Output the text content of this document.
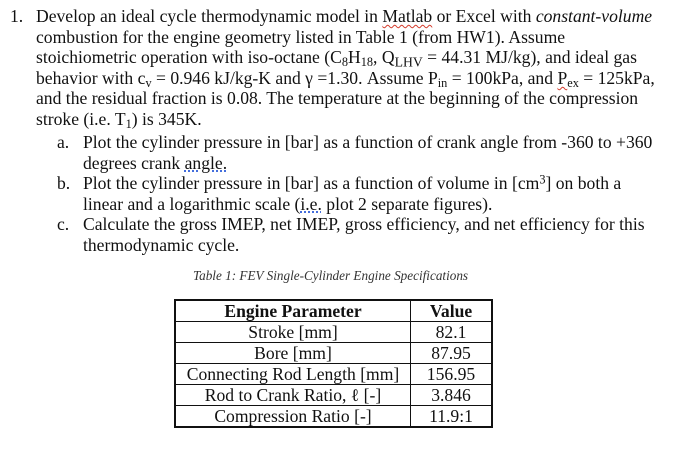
1. Develop an ideal cycle thermodynamic model in Matlab or Excel with constant-volume
combustion for the engine geometry listed in Table 1 (from HW1). Assume
stoichiometric operation with iso-octane ($C_8H_{18}$, $Q_{LHV} = 44.31$ MJ/kg), and ideal gas
behavior with $c_v = 0.946$ kJ/kg-K and γ =1.30. Assume $P_{in} = 100kPa$, and $P_{ex} = 125kPa$,
and the residual fraction is 0.08. The temperature at the beginning of the compression
stroke (i.e. $T_1$) is 345K.
a. Plot the cylinder pressure in [bar] as a function of crank angle from -360 to +360
degrees crank angle.
b. Plot the cylinder pressure in [bar] as a function of volume in $[cm^3]$ on both a
linear and a logarithmic scale (i.e. plot 2 separate figures).
c. Calculate the gross IMEP, net IMEP, gross efficiency, and net efficiency for this
thermodynamic cycle.
Table 1: FEV Single-Cylinder Engine Specifications
Engine Parameter	Value
Stroke [mm]	82.1
Bore [mm]	87.95
Connecting Rod Length [mm]	156.95
Rod to Crank Ratio, ℓ [-]	3.846
Compression Ratio [-]	11.9:1
